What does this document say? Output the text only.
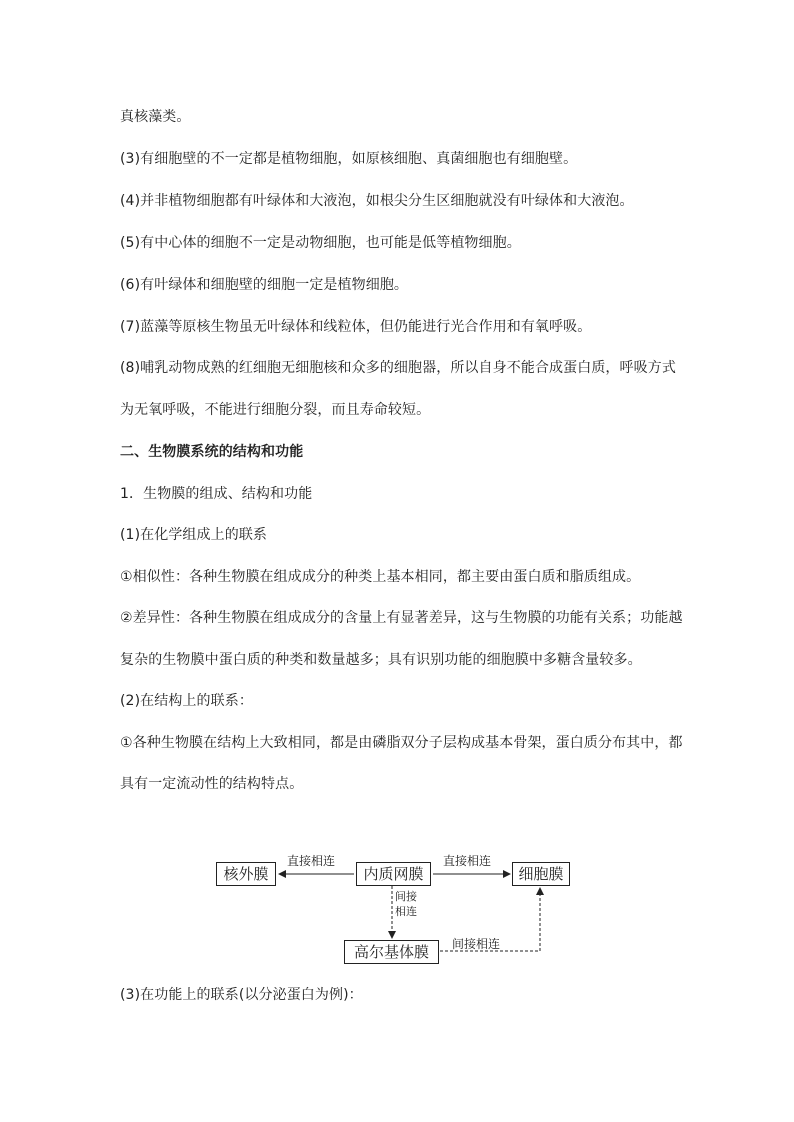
真核藻类。
(3)有细胞壁的不一定都是植物细胞，如原核细胞、真菌细胞也有细胞壁。
(4)并非植物细胞都有叶绿体和大液泡，如根尖分生区细胞就没有叶绿体和大液泡。
(5)有中心体的细胞不一定是动物细胞，也可能是低等植物细胞。
(6)有叶绿体和细胞壁的细胞一定是植物细胞。
(7)蓝藻等原核生物虽无叶绿体和线粒体，但仍能进行光合作用和有氧呼吸。
(8)哺乳动物成熟的红细胞无细胞核和众多的细胞器，所以自身不能合成蛋白质，呼吸方式
为无氧呼吸，不能进行细胞分裂，而且寿命较短。
二、生物膜系统的结构和功能
1．生物膜的组成、结构和功能
(1)在化学组成上的联系
①相似性：各种生物膜在组成成分的种类上基本相同，都主要由蛋白质和脂质组成。
②差异性：各种生物膜在组成成分的含量上有显著差异，这与生物膜的功能有关系；功能越
复杂的生物膜中蛋白质的种类和数量越多；具有识别功能的细胞膜中多糖含量较多。
(2)在结构上的联系：
①各种生物膜在结构上大致相同，都是由磷脂双分子层构成基本骨架，蛋白质分布其中，都
具有一定流动性的结构特点。
(3)在功能上的联系(以分泌蛋白为例)：
核外膜	内质网膜	细胞膜
高尔基体膜
直接相连	直接相连
间接
相连
间接相连
